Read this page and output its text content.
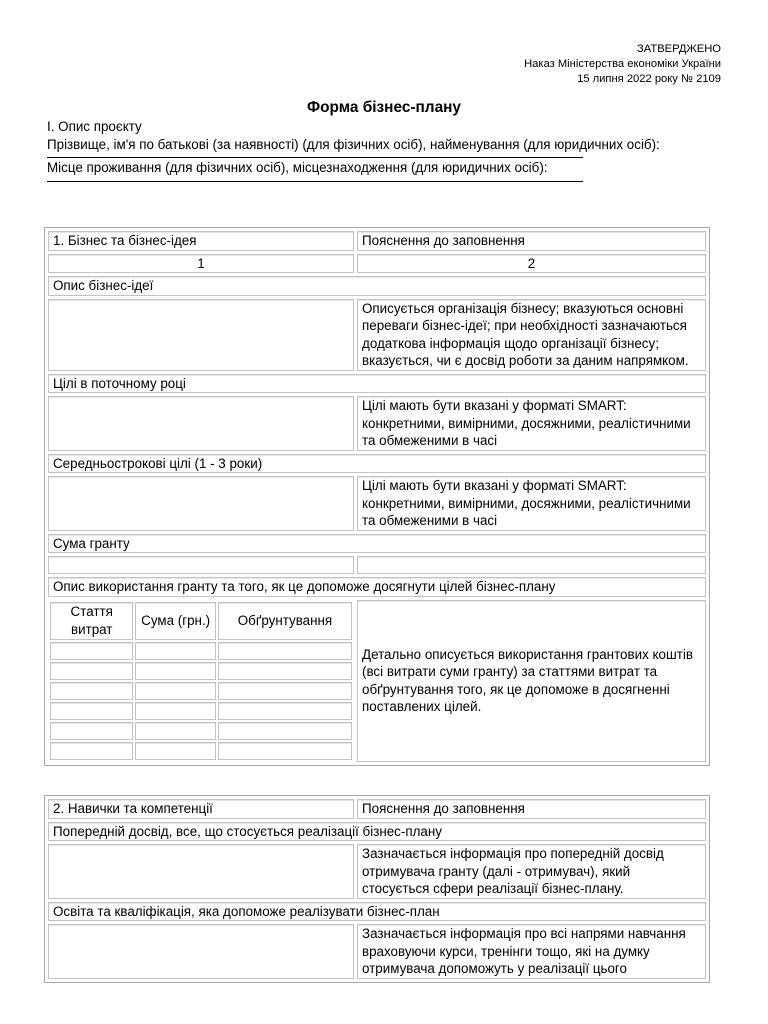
ЗАТВЕРДЖЕНО
Наказ Міністерства економіки України
15 липня 2022 року № 2109
Форма бізнес-плану

І. Опис проєкту

Прізвище, ім'я по батькові (за наявності) (для фізичних осіб), найменування (для юридичних осіб):

Місце проживання (для фізичних осіб), місцезнаходження (для юридичних осіб):

1. Бізнес та бізнес-ідея	Пояснення до заповнення
1	2
Опис бізнес-ідеї
	Описується організація бізнесу; вказуються основні переваги бізнес-ідеї; при необхідності зазначаються додаткова інформація щодо організації бізнесу; вказується, чи є досвід роботи за даним напрямком.
Цілі в поточному році
	Цілі мають бути вказані у форматі SMART: конкретними, вимірними, досяжними, реалістичними та обмеженими в часі
Середньострокові цілі (1 - 3 роки)
	Цілі мають бути вказані у форматі SMART: конкретними, вимірними, досяжними, реалістичними та обмеженими в часі
Сума гранту

Опис використання гранту та того, як це допоможе досягнути цілей бізнес-плану

Стаття витрат	Сума (грн.)	Обґрунтування

	Детально описується використання грантових коштів (всі витрати суми гранту) за статтями витрат та обґрунтування того, як це допоможе в досягненні поставлених цілей.
2. Навички та компетенції	Пояснення до заповнення
Попередній досвід, все, що стосується реалізації бізнес-плану	
	Зазначається інформація про попередній досвід отримувача гранту (далі - отримувач), який стосується сфери реалізації бізнес-плану.
Освіта та кваліфікація, яка допоможе реалізувати бізнес-план	
	Зазначається інформація про всі напрями навчання враховуючи курси, тренінги тощо, які на думку отримувача допоможуть у реалізації цього
